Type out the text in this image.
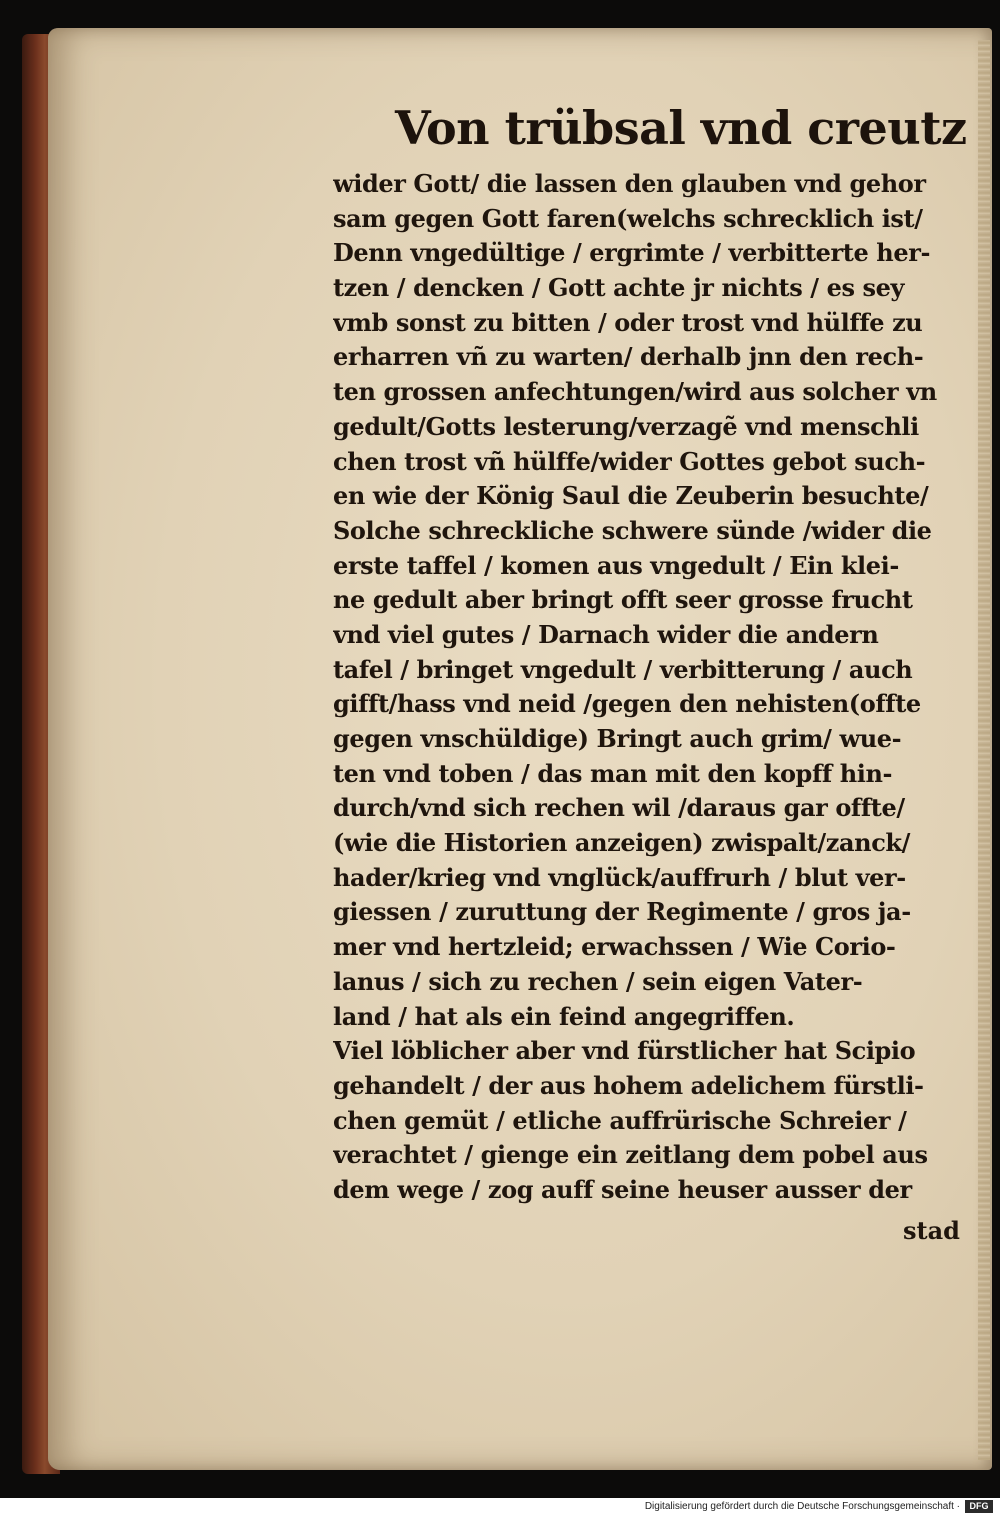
Von trübsal vnd creutz
wider Gott/ die lassen den glauben vnd gehor
sam gegen Gott faren(welchs schrecklich ist/
Denn vngedültige / ergrimte / verbitterte her-
tzen / dencken / Gott achte jr nichts / es sey
vmb sonst zu bitten / oder trost vnd hülffe zu
erharren vñ zu warten/ derhalb jnn den rech-
ten grossen anfechtungen/wird aus solcher vn
gedult/Gotts lesterung/verzagẽ vnd menschli
chen trost vñ hülffe/wider Gottes gebot such-
en wie der König Saul die Zeuberin besuchte/
Solche schreckliche schwere sünde /wider die
erste taffel / komen aus vngedult / Ein klei-
ne gedult aber bringt offt seer grosse frucht
vnd viel gutes / Darnach wider die andern
tafel / bringet vngedult / verbitterung / auch
gifft/hass vnd neid /gegen den nehisten(offte
gegen vnschüldige) Bringt auch grim/ wue-
ten vnd toben / das man mit den kopff hin-
durch/vnd sich rechen wil /daraus gar offte/
(wie die Historien anzeigen) zwispalt/zanck/
hader/krieg vnd vnglück/auffrurh / blut ver-
giessen / zuruttung der Regimente / gros ja-
mer vnd hertzleid; erwachssen / Wie Corio-
lanus / sich zu rechen / sein eigen Vater-
land / hat als ein feind angegriffen.
Viel löblicher aber vnd fürstlicher hat Scipio
gehandelt / der aus hohem adelichem fürstli-
chen gemüt / etliche auffrürische Schreier /
verachtet / gienge ein zeitlang dem pobel aus
dem wege / zog auff seine heuser ausser der
stad
Digitalisierung gefördert durch die Deutsche Forschungsgemeinschaft ·	DFG
